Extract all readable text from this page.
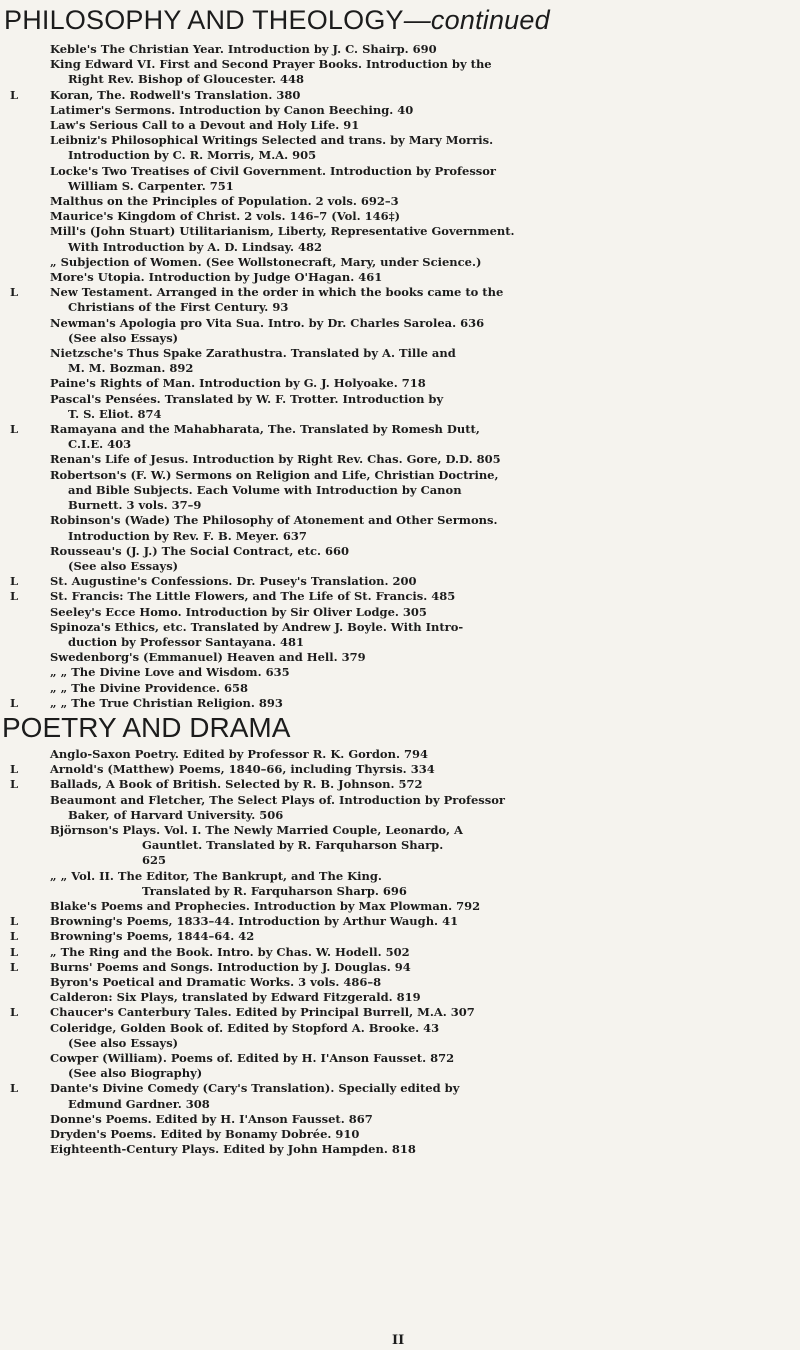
PHILOSOPHY AND THEOLOGY—continued
Keble's The Christian Year. Introduction by J. C. Shairp. 690
King Edward VI. First and Second Prayer Books. Introduction by the
Right Rev. Bishop of Gloucester. 448
L	Koran, The. Rodwell's Translation. 380
Latimer's Sermons. Introduction by Canon Beeching. 40
Law's Serious Call to a Devout and Holy Life. 91
Leibniz's Philosophical Writings Selected and trans. by Mary Morris.
Introduction by C. R. Morris, M.A. 905
Locke's Two Treatises of Civil Government. Introduction by Professor
William S. Carpenter. 751
Malthus on the Principles of Population. 2 vols. 692–3
Maurice's Kingdom of Christ. 2 vols. 146–7 (Vol. 146‡)
Mill's (John Stuart) Utilitarianism, Liberty, Representative Government.
With Introduction by A. D. Lindsay. 482
„ Subjection of Women. (See Wollstonecraft, Mary, under Science.)
More's Utopia. Introduction by Judge O'Hagan. 461
L	New Testament. Arranged in the order in which the books came to the
Christians of the First Century. 93
Newman's Apologia pro Vita Sua. Intro. by Dr. Charles Sarolea. 636
(See also Essays)
Nietzsche's Thus Spake Zarathustra. Translated by A. Tille and
M. M. Bozman. 892
Paine's Rights of Man. Introduction by G. J. Holyoake. 718
Pascal's Pensées. Translated by W. F. Trotter. Introduction by
T. S. Eliot. 874
L	Ramayana and the Mahabharata, The. Translated by Romesh Dutt,
C.I.E. 403
Renan's Life of Jesus. Introduction by Right Rev. Chas. Gore, D.D. 805
Robertson's (F. W.) Sermons on Religion and Life, Christian Doctrine,
and Bible Subjects. Each Volume with Introduction by Canon
Burnett. 3 vols. 37–9
Robinson's (Wade) The Philosophy of Atonement and Other Sermons.
Introduction by Rev. F. B. Meyer. 637
Rousseau's (J. J.) The Social Contract, etc. 660
(See also Essays)
L	St. Augustine's Confessions. Dr. Pusey's Translation. 200
L	St. Francis: The Little Flowers, and The Life of St. Francis. 485
Seeley's Ecce Homo. Introduction by Sir Oliver Lodge. 305
Spinoza's Ethics, etc. Translated by Andrew J. Boyle. With Intro-
duction by Professor Santayana. 481
Swedenborg's (Emmanuel) Heaven and Hell. 379
„ „ The Divine Love and Wisdom. 635
„ „ The Divine Providence. 658
L	„ „ The True Christian Religion. 893
POETRY AND DRAMA
Anglo-Saxon Poetry. Edited by Professor R. K. Gordon. 794
L	Arnold's (Matthew) Poems, 1840–66, including Thyrsis. 334
L	Ballads, A Book of British. Selected by R. B. Johnson. 572
Beaumont and Fletcher, The Select Plays of. Introduction by Professor
Baker, of Harvard University. 506
Björnson's Plays. Vol. I. The Newly Married Couple, Leonardo, A
Gauntlet. Translated by R. Farquharson Sharp.
625
„ „ Vol. II. The Editor, The Bankrupt, and The King.
Translated by R. Farquharson Sharp. 696
Blake's Poems and Prophecies. Introduction by Max Plowman. 792
L	Browning's Poems, 1833–44. Introduction by Arthur Waugh. 41
L	Browning's Poems, 1844–64. 42
L	„ The Ring and the Book. Intro. by Chas. W. Hodell. 502
L	Burns' Poems and Songs. Introduction by J. Douglas. 94
Byron's Poetical and Dramatic Works. 3 vols. 486–8
Calderon: Six Plays, translated by Edward Fitzgerald. 819
L	Chaucer's Canterbury Tales. Edited by Principal Burrell, M.A. 307
Coleridge, Golden Book of. Edited by Stopford A. Brooke. 43
(See also Essays)
Cowper (William). Poems of. Edited by H. I'Anson Fausset. 872
(See also Biography)
L	Dante's Divine Comedy (Cary's Translation). Specially edited by
Edmund Gardner. 308
Donne's Poems. Edited by H. I'Anson Fausset. 867
Dryden's Poems. Edited by Bonamy Dobrée. 910
Eighteenth-Century Plays. Edited by John Hampden. 818
II
